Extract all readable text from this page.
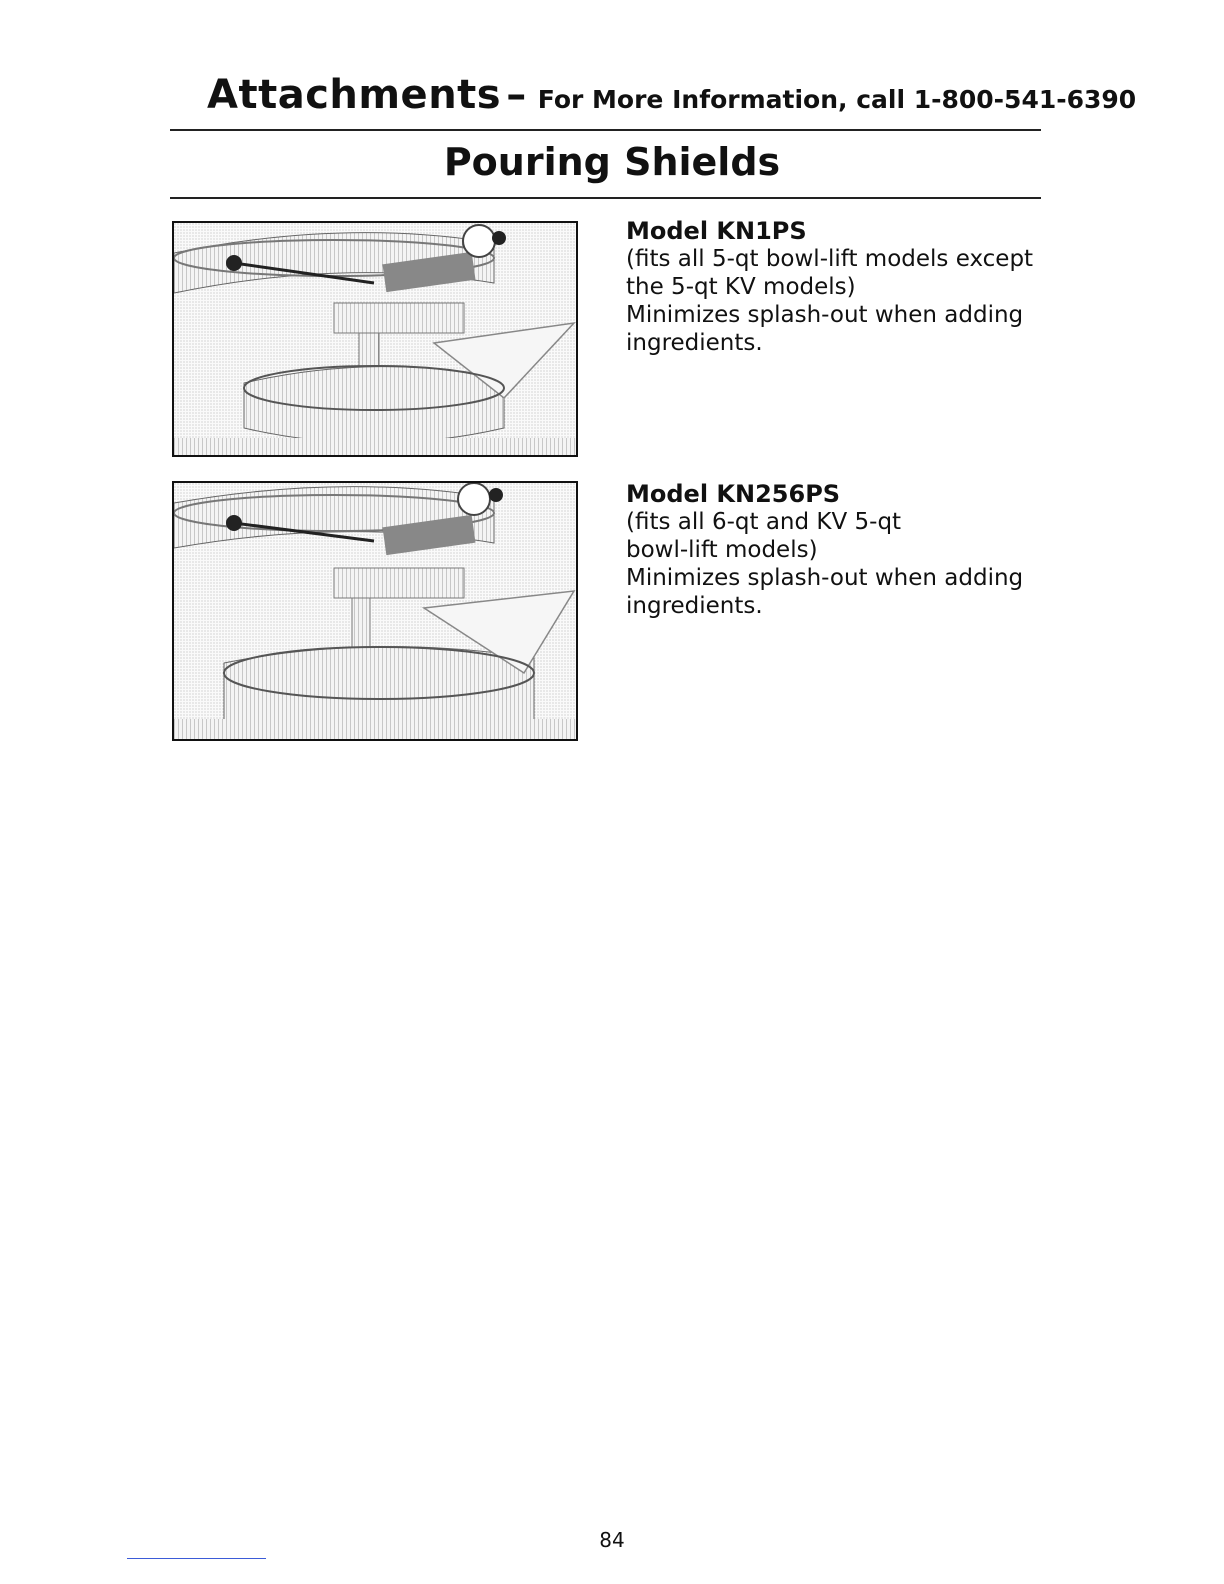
Attachments – For More Information, call 1-800-541-6390
Pouring Shields

Model KN1PS

(fits all 5-qt bowl-lift models except

the 5-qt KV models)

Minimizes splash-out when adding

ingredients.

Model KN256PS

(fits all 6-qt and KV 5-qt

bowl-lift models)

Minimizes splash-out when adding

ingredients.

84
